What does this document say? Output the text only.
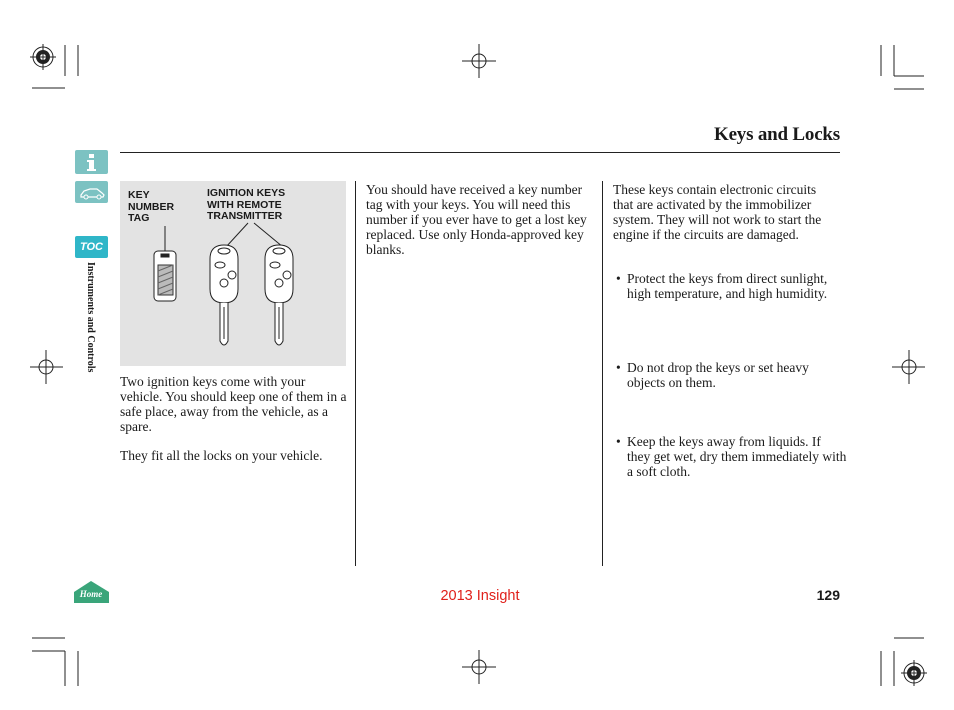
Keys and Locks
TOC
Instruments and Controls
Home
KEY
NUMBER
TAG
IGNITION KEYS
WITH REMOTE
TRANSMITTER
Two ignition keys come with your vehicle. You should keep one of them in a safe place, away from the vehicle, as a spare.
They fit all the locks on your vehicle.
You should have received a key number tag with your keys. You will need this number if you ever have to get a lost key replaced. Use only Honda-approved key blanks.
These keys contain electronic circuits that are activated by the immobilizer system. They will not work to start the engine if the circuits are damaged.
• Protect the keys from direct sunlight, high temperature, and high humidity.
• Do not drop the keys or set heavy objects on them.
• Keep the keys away from liquids. If they get wet, dry them immediately with a soft cloth.
2013 Insight	129
